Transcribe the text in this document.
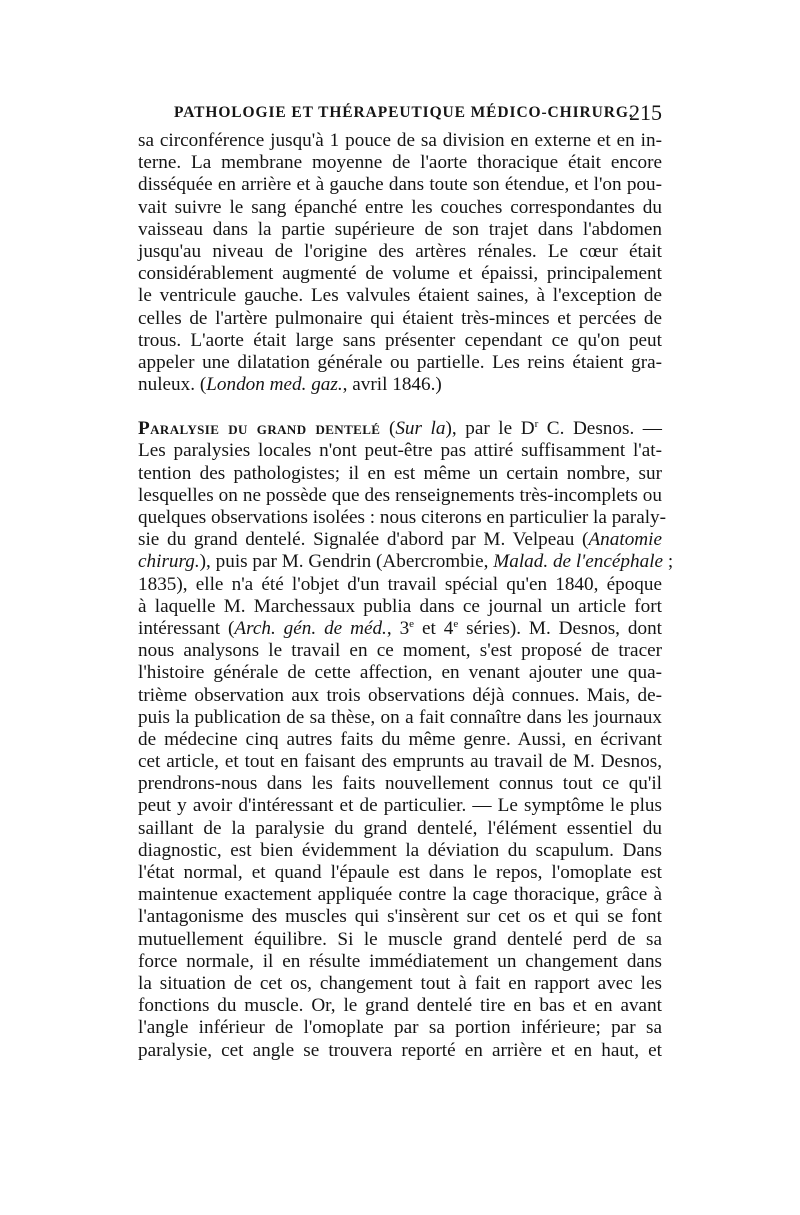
PATHOLOGIE ET THÉRAPEUTIQUE MÉDICO-CHIRURG.
215
sa circonférence jusqu'à 1 pouce de sa division en externe et en in-
terne. La membrane moyenne de l'aorte thoracique était encore
disséquée en arrière et à gauche dans toute son étendue, et l'on pou-
vait suivre le sang épanché entre les couches correspondantes du
vaisseau dans la partie supérieure de son trajet dans l'abdomen
jusqu'au niveau de l'origine des artères rénales. Le cœur était
considérablement augmenté de volume et épaissi, principalement
le ventricule gauche. Les valvules étaient saines, à l'exception de
celles de l'artère pulmonaire qui étaient très-minces et percées de
trous. L'aorte était large sans présenter cependant ce qu'on peut
appeler une dilatation générale ou partielle. Les reins étaient gra-
nuleux. (London med. gaz., avril 1846.)
Paralysie du grand dentelé (Sur la), par le $D^r$ C. Desnos. —
Les paralysies locales n'ont peut-être pas attiré suffisamment l'at-
tention des pathologistes; il en est même un certain nombre, sur
lesquelles on ne possède que des renseignements très-incomplets ou
quelques observations isolées : nous citerons en particulier la paraly-
sie du grand dentelé. Signalée d'abord par M. Velpeau (Anatomie
chirurg.), puis par M. Gendrin (Abercrombie, Malad. de l'encéphale ;
1835), elle n'a été l'objet d'un travail spécial qu'en 1840, époque
à laquelle M. Marchessaux publia dans ce journal un article fort
intéressant (Arch. gén. de méd., 3e et 4e séries). M. Desnos, dont
nous analysons le travail en ce moment, s'est proposé de tracer
l'histoire générale de cette affection, en venant ajouter une qua-
trième observation aux trois observations déjà connues. Mais, de-
puis la publication de sa thèse, on a fait connaître dans les journaux
de médecine cinq autres faits du même genre. Aussi, en écrivant
cet article, et tout en faisant des emprunts au travail de M. Desnos,
prendrons-nous dans les faits nouvellement connus tout ce qu'il
peut y avoir d'intéressant et de particulier. — Le symptôme le plus
saillant de la paralysie du grand dentelé, l'élément essentiel du
diagnostic, est bien évidemment la déviation du scapulum. Dans
l'état normal, et quand l'épaule est dans le repos, l'omoplate est
maintenue exactement appliquée contre la cage thoracique, grâce à
l'antagonisme des muscles qui s'insèrent sur cet os et qui se font
mutuellement équilibre. Si le muscle grand dentelé perd de sa
force normale, il en résulte immédiatement un changement dans
la situation de cet os, changement tout à fait en rapport avec les
fonctions du muscle. Or, le grand dentelé tire en bas et en avant
l'angle inférieur de l'omoplate par sa portion inférieure; par sa
paralysie, cet angle se trouvera reporté en arrière et en haut, et
